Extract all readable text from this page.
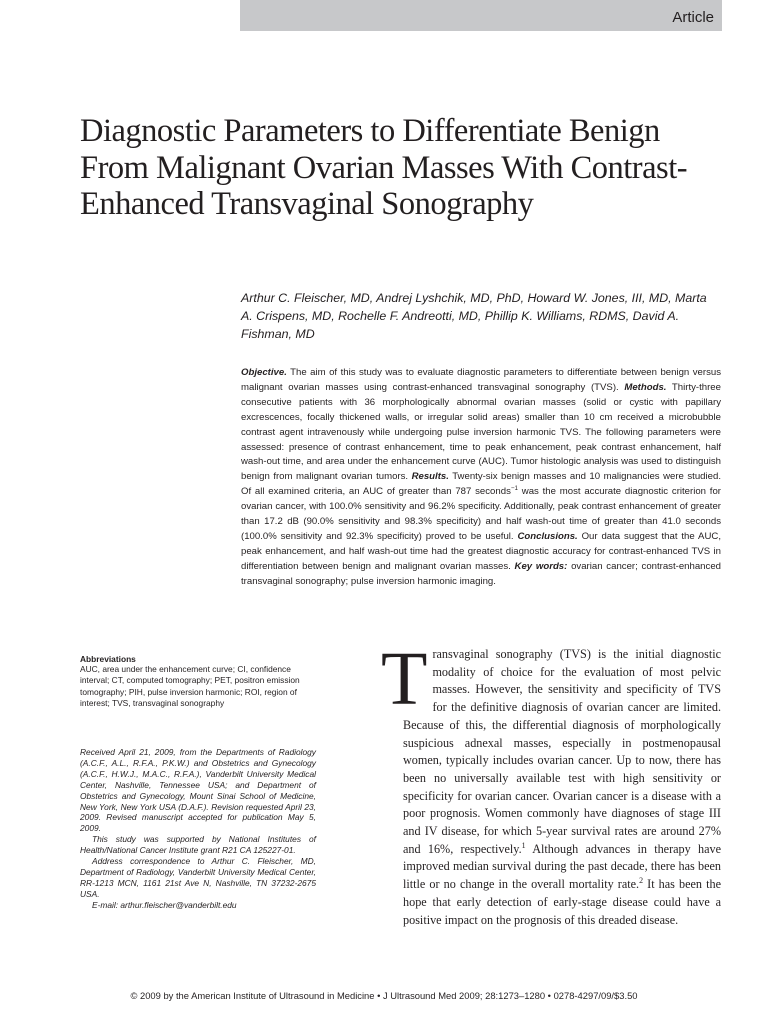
Article
Diagnostic Parameters to Differentiate Benign From Malignant Ovarian Masses With Contrast-Enhanced Transvaginal Sonography

Arthur C. Fleischer, MD, Andrej Lyshchik, MD, PhD, Howard W. Jones, III, MD, Marta A. Crispens, MD, Rochelle F. Andreotti, MD, Phillip K. Williams, RDMS, David A. Fishman, MD

Objective. The aim of this study was to evaluate diagnostic parameters to differentiate between benign versus malignant ovarian masses using contrast-enhanced transvaginal sonography (TVS). Methods. Thirty-three consecutive patients with 36 morphologically abnormal ovarian masses (solid or cystic with papillary excrescences, focally thickened walls, or irregular solid areas) smaller than 10 cm received a microbubble contrast agent intravenously while undergoing pulse inversion harmonic TVS. The following parameters were assessed: presence of contrast enhancement, time to peak enhancement, peak contrast enhancement, half wash-out time, and area under the enhancement curve (AUC). Tumor histologic analysis was used to distinguish benign from malignant ovarian tumors. Results. Twenty-six benign masses and 10 malignancies were studied. Of all examined criteria, an AUC of greater than 787 seconds$^{-1}$ was the most accurate diagnostic criterion for ovarian cancer, with 100.0% sensitivity and 96.2% specificity. Additionally, peak contrast enhancement of greater than 17.2 dB (90.0% sensitivity and 98.3% specificity) and half wash-out time of greater than 41.0 seconds (100.0% sensitivity and 92.3% specificity) proved to be useful. Conclusions. Our data suggest that the AUC, peak enhancement, and half wash-out time had the greatest diagnostic accuracy for contrast-enhanced TVS in differentiation between benign and malignant ovarian masses. Key words: ovarian cancer; contrast-enhanced transvaginal sonography; pulse inversion harmonic imaging.

Abbreviations

AUC, area under the enhancement curve; CI, confidence interval; CT, computed tomography; PET, positron emission tomography; PIH, pulse inversion harmonic; ROI, region of interest; TVS, transvaginal sonography

Received April 21, 2009, from the Departments of Radiology (A.C.F., A.L., R.F.A., P.K.W.) and Obstetrics and Gynecology (A.C.F., H.W.J., M.A.C., R.F.A.), Vanderbilt University Medical Center, Nashville, Tennessee USA; and Department of Obstetrics and Gynecology, Mount Sinai School of Medicine, New York, New York USA (D.A.F.). Revision requested April 23, 2009. Revised manuscript accepted for publication May 5, 2009.

This study was supported by National Institutes of Health/National Cancer Institute grant R21 CA 125227-01.

Address correspondence to Arthur C. Fleischer, MD, Department of Radiology, Vanderbilt University Medical Center, RR-1213 MCN, 1161 21st Ave N, Nashville, TN 37232-2675 USA.

E-mail: arthur.fleischer@vanderbilt.edu

Transvaginal sonography (TVS) is the initial diagnostic modality of choice for the evaluation of most pelvic masses. However, the sensitivity and specificity of TVS for the definitive diagnosis of ovarian cancer are limited. Because of this, the differential diagnosis of morphologically suspicious adnexal masses, especially in postmenopausal women, typically includes ovarian cancer. Up to now, there has been no universally available test with high sensitivity or specificity for ovarian cancer. Ovarian cancer is a disease with a poor prognosis. Women commonly have diagnoses of stage III and IV disease, for which 5-year survival rates are around 27% and 16%, respectively.$^1$ Although advances in therapy have improved median survival during the past decade, there has been little or no change in the overall mortality rate.$^2$ It has been the hope that early detection of early-stage disease could have a positive impact on the prognosis of this dreaded disease.

© 2009 by the American Institute of Ultrasound in Medicine • J Ultrasound Med 2009; 28:1273–1280 • 0278-4297/09/$3.50
